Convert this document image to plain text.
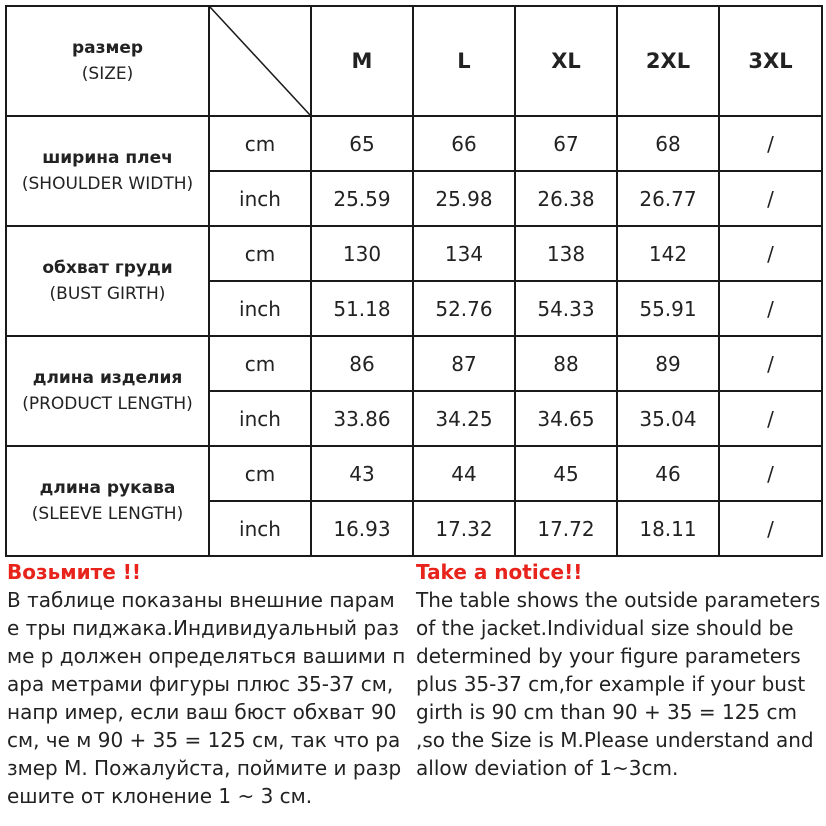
размер
(SIZE)		M	L	XL	2XL	3XL

ширина плеч
(SHOULDER WIDTH)	cm	65	66	67	68	/
	inch	25.59	25.98	26.38	26.77	/

обхват груди
(BUST GIRTH)	cm	130	134	138	142	/
	inch	51.18	52.76	54.33	55.91	/

длина изделия
(PRODUCT LENGTH)	cm	86	87	88	89	/
	inch	33.86	34.25	34.65	35.04	/

длина рукава
(SLEEVE LENGTH)	cm	43	44	45	46	/
	inch	16.93	17.32	17.72	18.11	/
Возьмите !!
В таблице показаны внешние параме тры пиджака.Индивидуальный разме р должен определяться вашими пара метрами фигуры плюс 35-37 см, напр имер, если ваш бюст обхват 90 см, че м 90 + 35 = 125 см, так что размер M. Пожалуйста, поймите и разрешите от клонение 1 ~ 3 см.
Take a notice!!
The table shows the outside parameters of the jacket.Individual size should be determined by your figure parameters plus 35-37 cm,for example if your bust girth is 90 cm than 90 + 35 = 125 cm ,so the Size is M.Please understand and allow deviation of 1~3cm.
